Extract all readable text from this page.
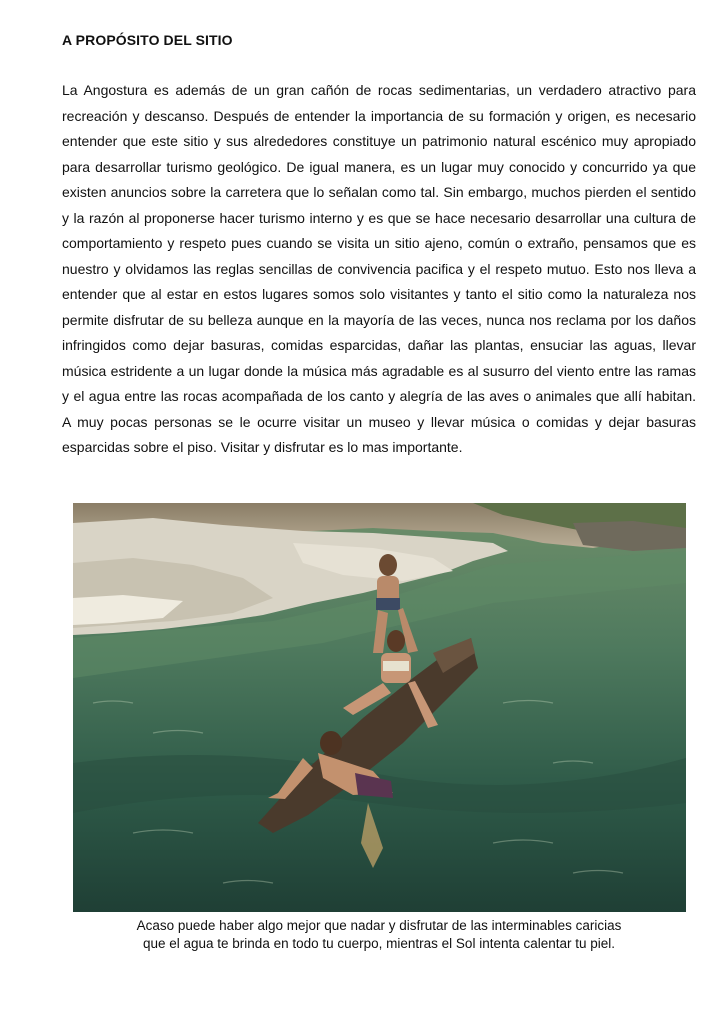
A PROPÓSITO DEL SITIO

La Angostura es además de un gran cañón de rocas sedimentarias, un verdadero atractivo para recreación y descanso. Después de entender la importancia de su formación y origen, es necesario entender que este sitio y sus alrededores constituye un patrimonio natural escénico muy apropiado para desarrollar turismo geológico. De igual manera, es un lugar muy conocido y concurrido ya que existen anuncios sobre la carretera que lo señalan como tal. Sin embargo, muchos pierden el sentido y la razón al proponerse hacer turismo interno y es que se hace necesario desarrollar una cultura de comportamiento y respeto pues cuando se visita un sitio ajeno, común o extraño, pensamos que es nuestro y olvidamos las reglas sencillas de convivencia pacifica y el respeto mutuo. Esto nos lleva a entender que al estar en estos lugares somos solo visitantes y tanto el sitio como la naturaleza nos permite disfrutar de su belleza aunque en la mayoría de las veces, nunca nos reclama por los daños infringidos como dejar basuras, comidas esparcidas, dañar las plantas, ensuciar las aguas, llevar música estridente a un lugar donde la música más agradable es al susurro del viento entre las ramas y el agua entre las rocas acompañada de los canto y alegría de las aves o animales que allí habitan. A muy pocas personas se le ocurre visitar un museo y llevar música o comidas y dejar basuras esparcidas sobre el piso. Visitar y disfrutar es lo mas importante.

Acaso puede haber algo mejor que nadar y disfrutar de las interminables caricias
que el agua te brinda en todo tu cuerpo, mientras el Sol intenta calentar tu piel.
